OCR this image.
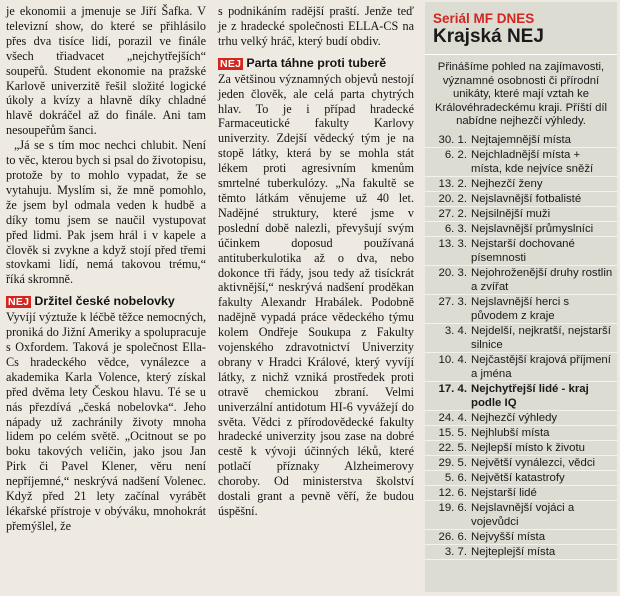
je ekonomii a jmenuje se Jiří Šafka. V televizní show, do které se přihlásilo přes dva tisíce lidí, porazil ve finále všech třiadvacet „nejchytřejších“ soupeřů. Student ekonomie na pražské Karlově univerzitě řešil složité logické úkoly a kvízy a hlavně díky chladné hlavě dokráčel až do finále. Ani tam nesoupeřům šanci.

„Já se s tím moc nechci chlubit. Není to věc, kterou bych si psal do životopisu, protože by to mohlo vypadat, že se vytahuju. Myslím si, že mně pomohlo, že jsem byl odmala veden k hudbě a díky tomu jsem se naučil vystupovat před lidmi. Pak jsem hrál i v kapele a člověk si zvykne a když stojí před třemi stovkami lidí, nemá takovou trému,“ říká skromně.

NEJ Držitel české nobelovky

Vyvíjí výztuže k léčbě těžce nemocných, proniká do Jižní Ameriky a spolupracuje s Oxfordem. Taková je společnost Ella-Cs hradeckého vědce, vynálezce a akademika Karla Volence, který získal před dvěma lety Českou hlavu. Té se u nás přezdívá „česká nobelovka“. Jeho nápady už zachránily životy mnoha lidem po celém světě. „Ocitnout se po boku takových veličin, jako jsou Jan Pirk či Pavel Klener, věru není nepříjemné,“ neskrývá nadšení Volenec. Když před 21 lety začínal vyrábět lékařské přístroje v obýváku, mnohokrát přemýšlel, že

s podnikáním radější praští. Jenže teď je z hradecké společnosti ELLA-CS na trhu velký hráč, který budí obdiv.

NEJ Parta táhne proti tuberě

Za většinou významných objevů nestojí jeden člověk, ale celá parta chytrých hlav. To je i případ hradecké Farmaceutické fakulty Karlovy univerzity. Zdejší vědecký tým je na stopě látky, která by se mohla stát lékem proti agresivním kmenům smrtelné tuberkulózy. „Na fakultě se těmto látkám věnujeme už 40 let. Nadějné struktury, které jsme v poslední době nalezli, převyšují svým účinkem doposud používaná antituberkulotika až o dva, nebo dokonce tři řády, jsou tedy až tisíckrát aktivnější,“ neskrývá nadšení proděkan fakulty Alexandr Hrabálek. Podobně nadějně vypadá práce vědeckého týmu kolem Ondřeje Soukupa z Fakulty vojenského zdravotnictví Univerzity obrany v Hradci Králové, který vyvíjí látky, z nichž vzniká prostředek proti otravě chemickou zbraní. Velmi univerzální antidotum HI-6 vyvážejí do světa. Vědci z přírodovědecké fakulty hradecké univerzity jsou zase na dobré cestě k vývoji účinných léků, které potlačí příznaky Alzheimerovy choroby. Od ministerstva školství dostali grant a pevně věří, že budou úspěšní.

Seriál MF DNES
Krajská NEJ
Přinášíme pohled na zajímavosti, významné osobnosti či přírodní unikáty, které mají vztah ke Královéhradeckému kraji. Příští díl nabídne nejhezčí výhledy.
30. 1. Nejtajemnější místa
6. 2. Nejchladnější místa + místa, kde nejvíce sněží
13. 2. Nejhezčí ženy
20. 2. Nejslavnější fotbalisté
27. 2. Nejsilnější muži
6. 3. Nejslavnější průmyslníci
13. 3. Nejstarší dochované písemnosti
20. 3. Nejohroženější druhy rostlin a zvířat
27. 3. Nejslavnější herci s původem z kraje
3. 4. Nejdelší, nejkratší, nejstarší silnice
10. 4. Nejčastější krajová příjmení a jména
17. 4. Nejchytřejší lidé - kraj podle IQ
24. 4. Nejhezčí výhledy
15. 5. Nejhlubší místa
22. 5. Nejlepší místo k životu
29. 5. Největší vynálezci, vědci
5. 6. Největší katastrofy
12. 6. Nejstarší lidé
19. 6. Nejslavnější vojáci a vojevůdci
26. 6. Nejvyšší místa
3. 7. Nejteplejší místa
